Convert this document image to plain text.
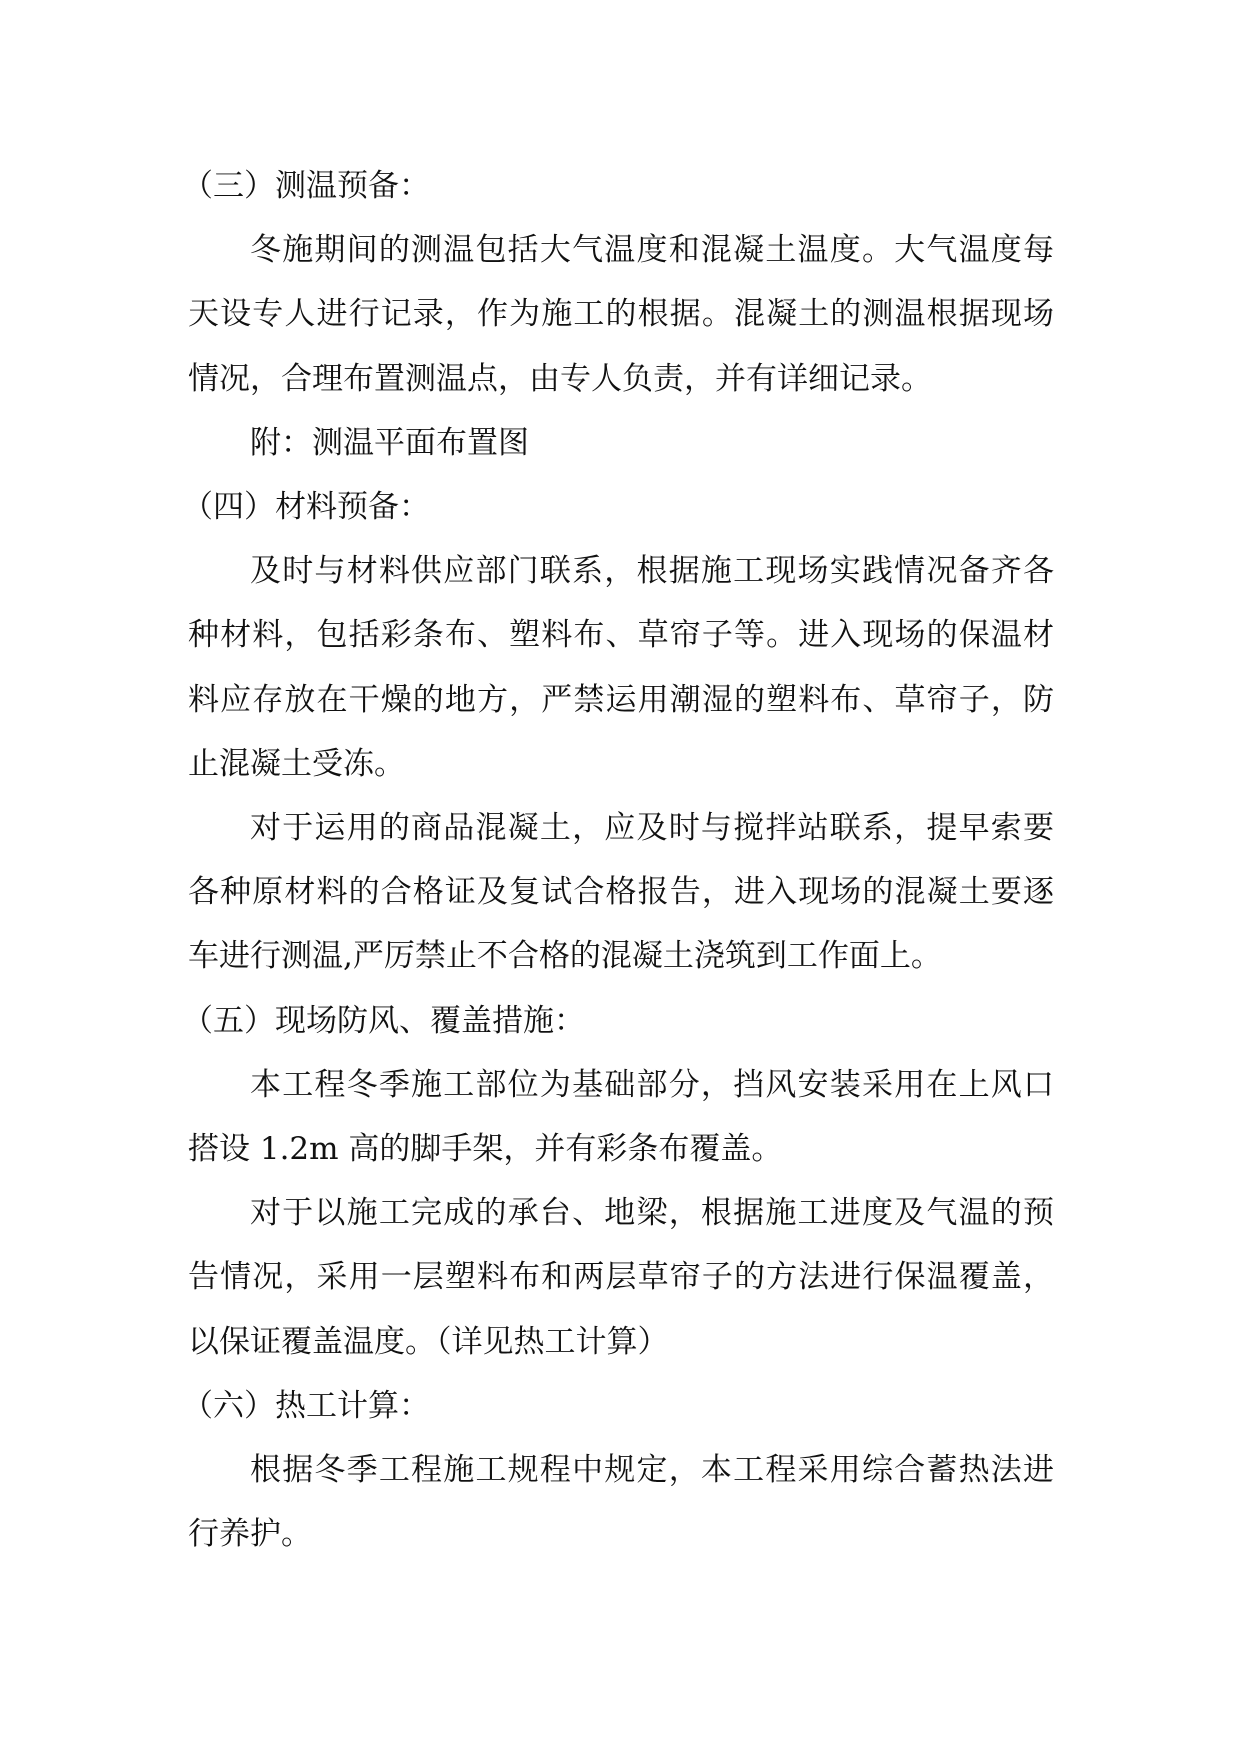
（三）测温预备：

冬施期间的测温包括大气温度和混凝土温度。大气温度每天设专人进行记录，作为施工的根据。混凝土的测温根据现场情况，合理布置测温点，由专人负责，并有详细记录。

附：测温平面布置图

（四）材料预备：

及时与材料供应部门联系，根据施工现场实践情况备齐各种材料，包括彩条布、塑料布、草帘子等。进入现场的保温材料应存放在干燥的地方，严禁运用潮湿的塑料布、草帘子，防止混凝土受冻。

对于运用的商品混凝土，应及时与搅拌站联系，提早索要各种原材料的合格证及复试合格报告，进入现场的混凝土要逐车进行测温,严厉禁止不合格的混凝土浇筑到工作面上。

（五）现场防风、覆盖措施：

本工程冬季施工部位为基础部分，挡风安装采用在上风口搭设 1.2m 高的脚手架，并有彩条布覆盖。

对于以施工完成的承台、地梁，根据施工进度及气温的预告情况，采用一层塑料布和两层草帘子的方法进行保温覆盖，以保证覆盖温度。（详见热工计算）

（六）热工计算：

根据冬季工程施工规程中规定，本工程采用综合蓄热法进行养护。
